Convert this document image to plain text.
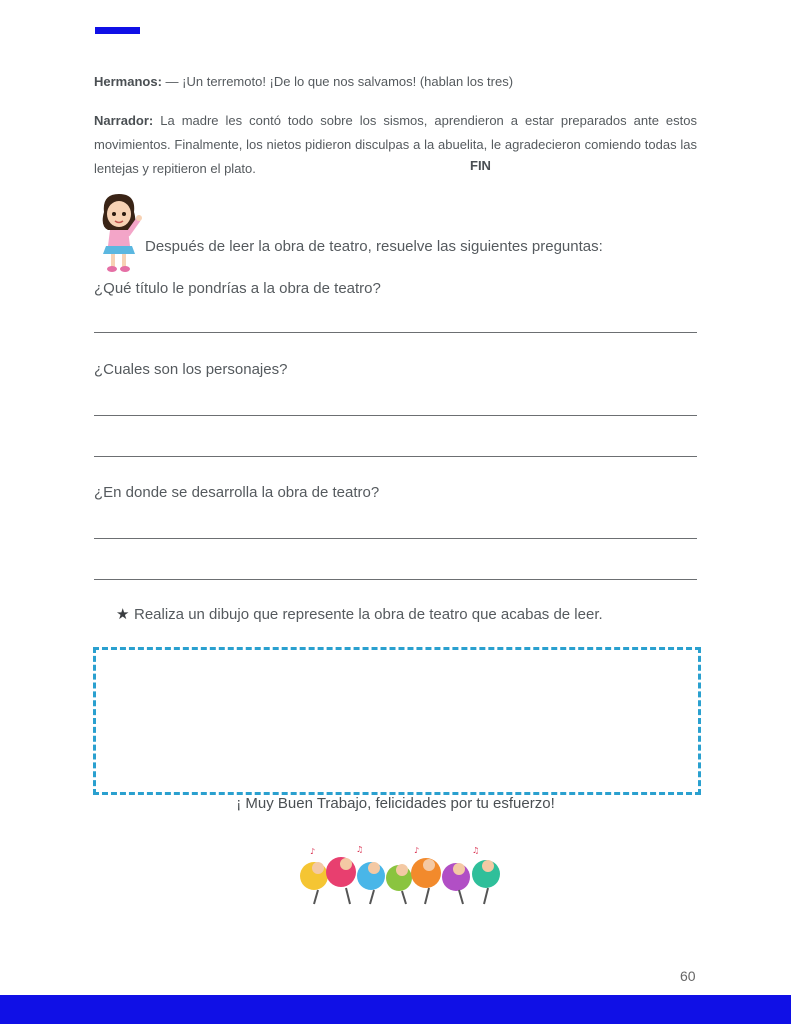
Hermanos: — ¡Un terremoto! ¡De lo que nos salvamos! (hablan los tres)
Narrador: La madre les contó todo sobre los sismos, aprendieron a estar preparados ante estos movimientos. Finalmente, los nietos pidieron disculpas a la abuelita, le agradecieron comiendo todas las lentejas y repitieron el plato.	FIN
Después de leer la obra de teatro, resuelve las siguientes preguntas:
¿Qué título le pondrías a la obra de teatro?
¿Cuales son los personajes?
¿En donde se desarrolla la obra de teatro?
★ Realiza un dibujo que represente la obra de teatro que acabas de leer.
¡ Muy Buen Trabajo, felicidades por tu esfuerzo!
♪	♫	♪	♫
60
